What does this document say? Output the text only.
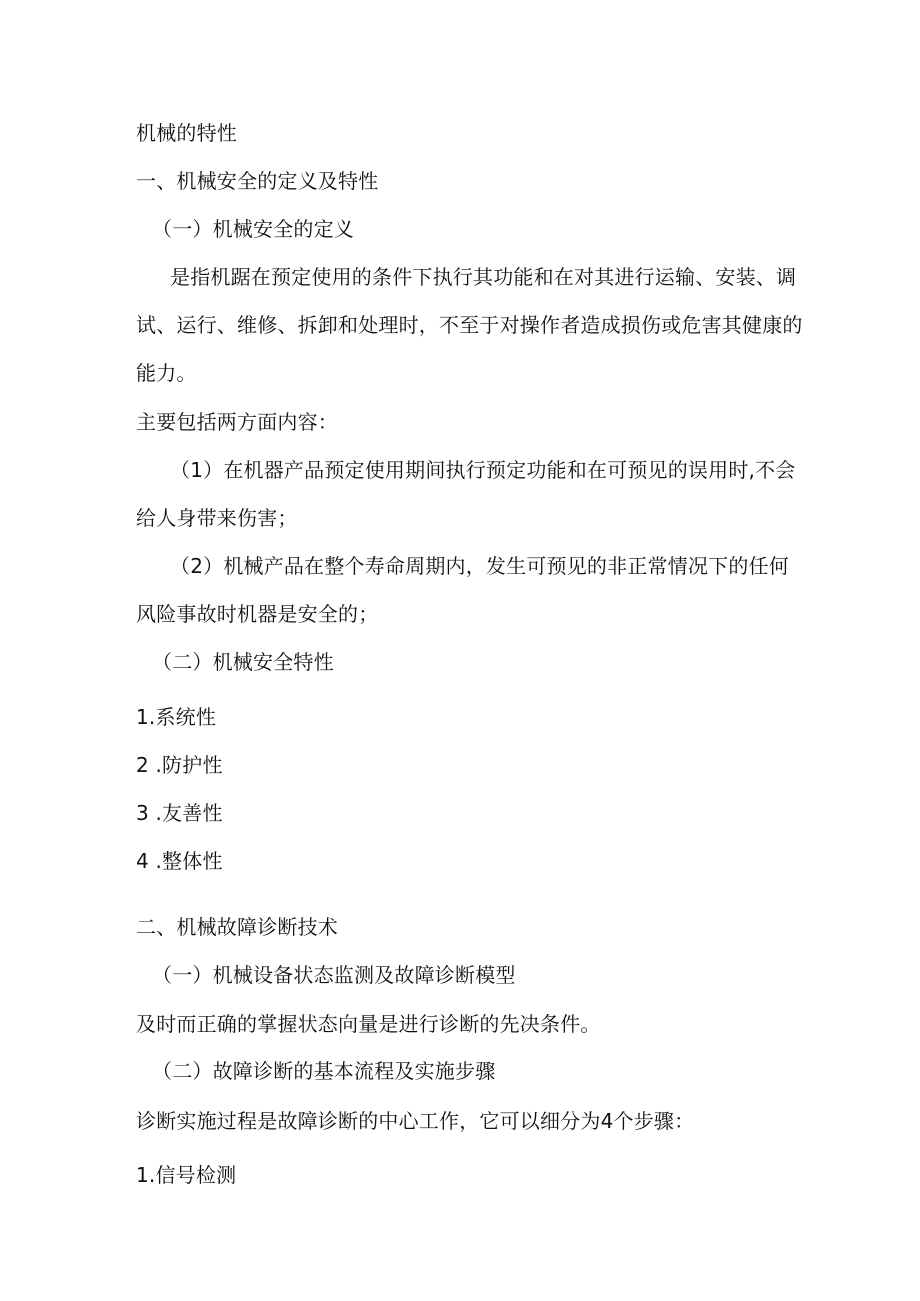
机械的特性
一、机械安全的定义及特性
（一）机械安全的定义
是指机踞在预定使用的条件下执行其功能和在对其进行运输、安装、调
试、运行、维修、拆卸和处理时，不至于对操作者造成损伤或危害其健康的
能力。
主要包括两方面内容：
（1）在机器产品预定使用期间执行预定功能和在可预见的误用时,不会
给人身带来伤害；
（2）机械产品在整个寿命周期内，发生可预见的非正常情况下的任何
风险事故时机器是安全的；
（二）机械安全特性
1.系统性
2 .防护性
3 .友善性
4 .整体性
二、机械故障诊断技术
（一）机械设备状态监测及故障诊断模型
及时而正确的掌握状态向量是进行诊断的先决条件。
（二）故障诊断的基本流程及实施步骤
诊断实施过程是故障诊断的中心工作，它可以细分为4个步骤：
1.信号检测
